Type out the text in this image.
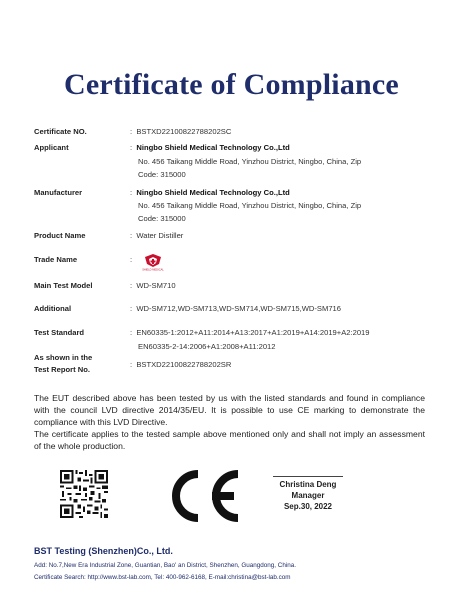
Certificate of Compliance
Certificate NO.	:  BSTXD22100822788202SC
Applicant	:  Ningbo Shield Medical Technology Co.,Ltd
No. 456 Taikang Middle Road, Yinzhou District, Ningbo, China, Zip
Code: 315000
Manufacturer	:  Ningbo Shield Medical Technology Co.,Ltd
No. 456 Taikang Middle Road, Yinzhou District, Ningbo, China, Zip
Code: 315000
Product Name	:  Water Distiller
Trade Name	:
SHIELD MEDICAL
Main Test Model	:  WD-SM710
Additional	:  WD-SM712,WD-SM713,WD-SM714,WD-SM715,WD-SM716
Test Standard	:  EN60335-1:2012+A11:2014+A13:2017+A1:2019+A14:2019+A2:2019
EN60335-2-14:2006+A1:2008+A11:2012
As shown in the
Test Report No.
:  BSTXD22100822788202SR
The EUT described above has been tested by us with the listed standards and found in compliance with the council LVD directive 2014/35/EU. It is possible to use CE marking to demonstrate the compliance with this LVD Directive.
The certificate applies to the tested sample above mentioned only and shall not imply an assessment of the whole production.
Christina Deng
Manager
Sep.30, 2022
BST Testing (Shenzhen)Co., Ltd.
Add: No.7,New Era Industrial Zone, Guantian, Bao' an District, Shenzhen, Guangdong, China.
Certificate Search: http://www.bst-lab.com, Tel: 400-962-6168, E-mail:christina@bst-lab.com
